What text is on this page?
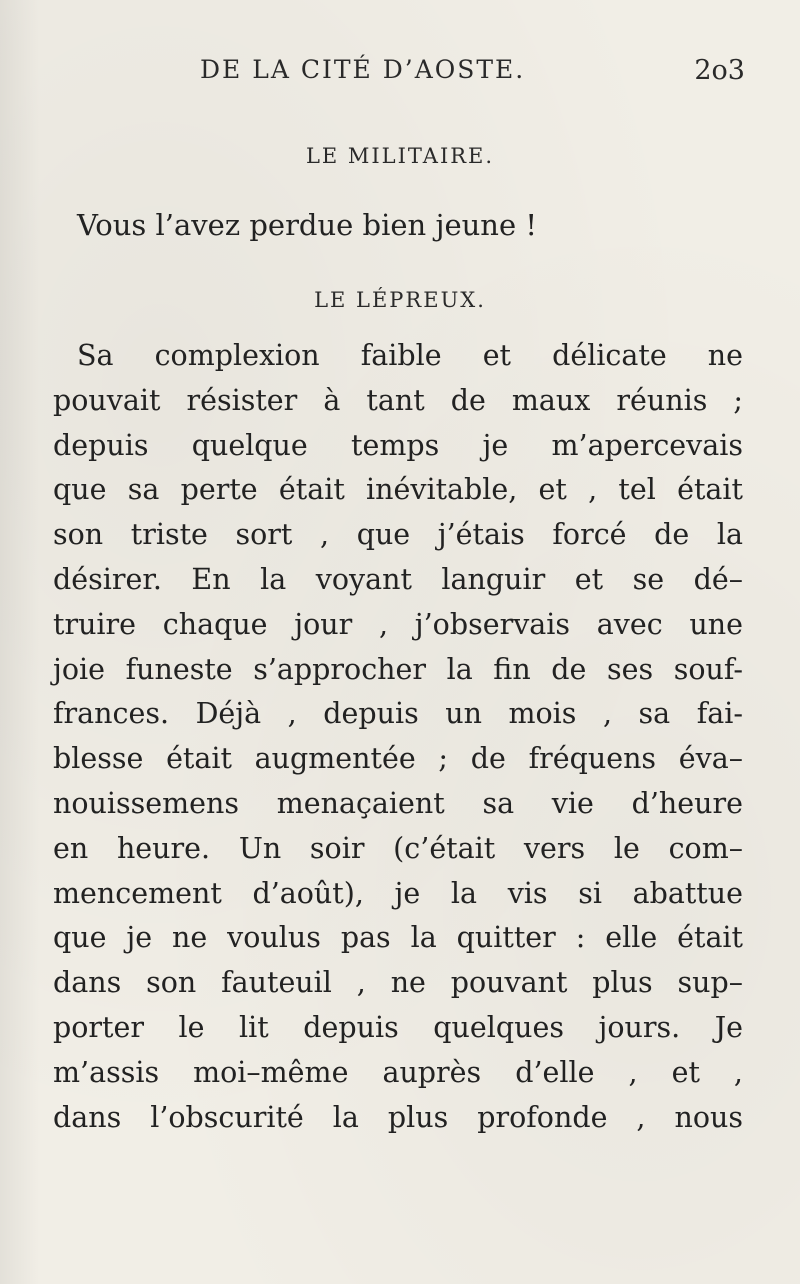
DE LA CITÉ D’AOSTE.	2o3
LE MILITAIRE.
Vous l’avez perdue bien jeune !
LE LÉPREUX.
Sa complexion faible et délicate ne
pouvait résister à tant de maux réunis ;
depuis quelque temps je m’apercevais
que sa perte était inévitable, et , tel était
son triste sort , que j’étais forcé de la
désirer. En la voyant languir et se dé–
truire chaque jour , j’observais avec une
joie funeste s’approcher la fin de ses souf-
frances. Déjà , depuis un mois , sa fai-
blesse était augmentée ; de fréquens éva–
nouissemens menaçaient sa vie d’heure
en heure. Un soir (c’était vers le com–
mencement d’août), je la vis si abattue
que je ne voulus pas la quitter : elle était
dans son fauteuil , ne pouvant plus sup–
porter le lit depuis quelques jours. Je
m’assis moi–même auprès d’elle , et ,
dans l’obscurité la plus profonde , nous
